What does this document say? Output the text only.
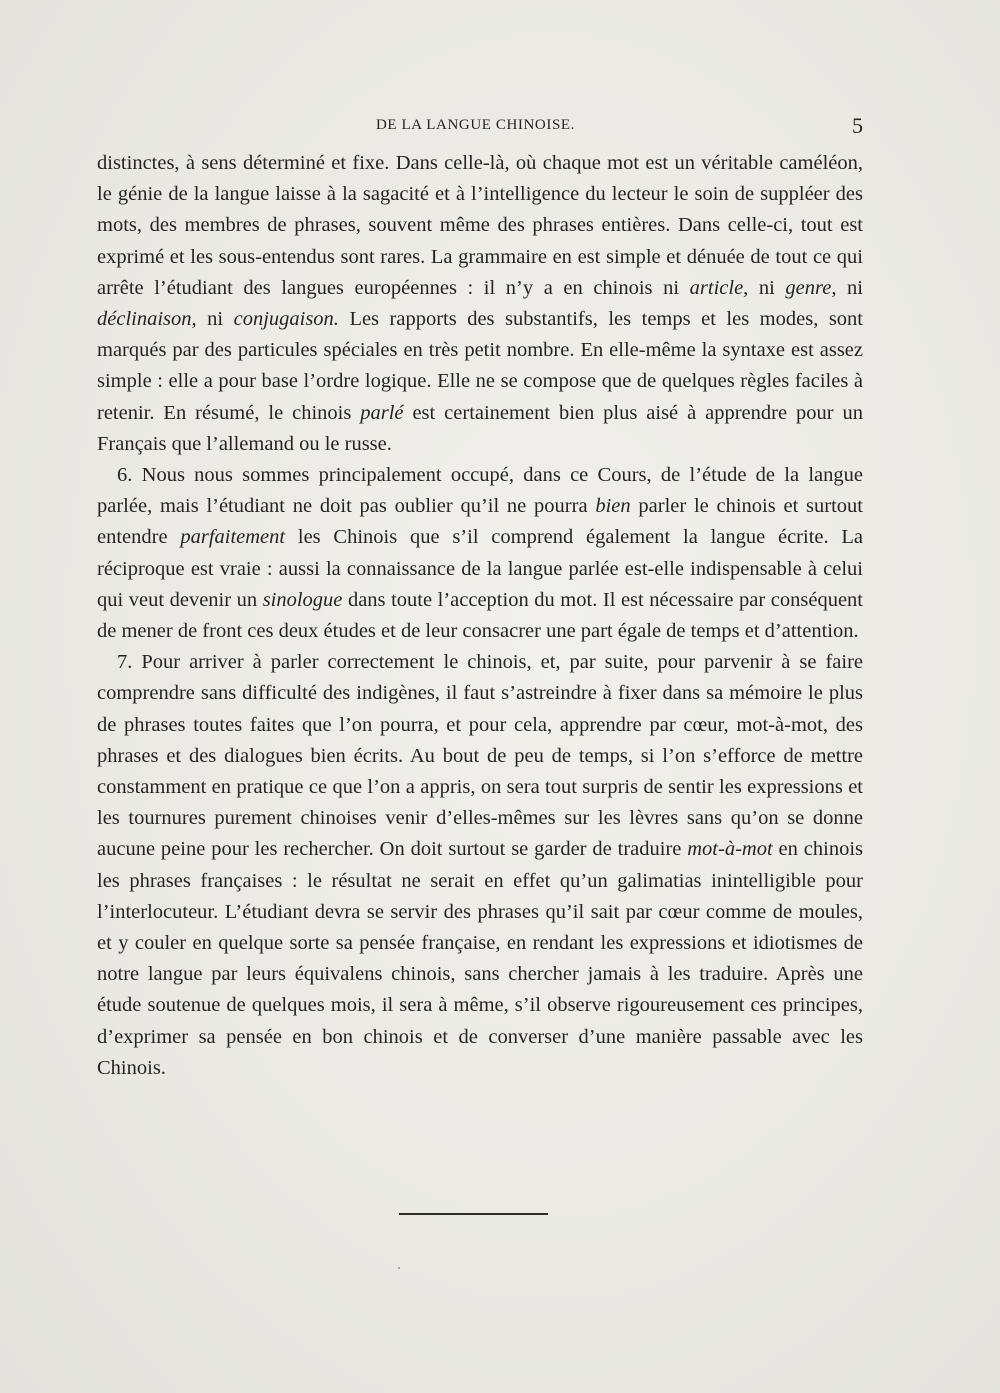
DE LA LANGUE CHINOISE.	5

distinctes, à sens déterminé et fixe. Dans celle-là, où chaque mot est un véritable caméléon, le génie de la langue laisse à la sagacité et à l’intelligence du lecteur le soin de suppléer des mots, des membres de phrases, souvent même des phrases entières. Dans celle-ci, tout est exprimé et les sous-entendus sont rares. La grammaire en est simple et dénuée de tout ce qui arrête l’étudiant des langues européennes : il n’y a en chinois ni article, ni genre, ni déclinaison, ni conjugaison. Les rapports des substantifs, les temps et les modes, sont marqués par des particules spéciales en très petit nombre. En elle-même la syntaxe est assez simple : elle a pour base l’ordre logique. Elle ne se compose que de quelques règles faciles à retenir. En résumé, le chinois parlé est certainement bien plus aisé à apprendre pour un Français que l’allemand ou le russe.

6. Nous nous sommes principalement occupé, dans ce Cours, de l’étude de la langue parlée, mais l’étudiant ne doit pas oublier qu’il ne pourra bien parler le chinois et surtout entendre parfaitement les Chinois que s’il comprend également la langue écrite. La réciproque est vraie : aussi la connaissance de la langue parlée est-elle indispensable à celui qui veut devenir un sinologue dans toute l’acception du mot. Il est nécessaire par conséquent de mener de front ces deux études et de leur consacrer une part égale de temps et d’attention.

7. Pour arriver à parler correctement le chinois, et, par suite, pour parvenir à se faire comprendre sans difficulté des indigènes, il faut s’astreindre à fixer dans sa mémoire le plus de phrases toutes faites que l’on pourra, et pour cela, apprendre par cœur, mot-à-mot, des phrases et des dialogues bien écrits. Au bout de peu de temps, si l’on s’efforce de mettre constamment en pratique ce que l’on a appris, on sera tout surpris de sentir les expressions et les tournures purement chinoises venir d’elles-mêmes sur les lèvres sans qu’on se donne aucune peine pour les rechercher. On doit surtout se garder de traduire mot-à-mot en chinois les phrases françaises : le résultat ne serait en effet qu’un galimatias inintelligible pour l’interlocuteur. L’étudiant devra se servir des phrases qu’il sait par cœur comme de moules, et y couler en quelque sorte sa pensée française, en rendant les expressions et idiotismes de notre langue par leurs équivalens chinois, sans chercher jamais à les traduire. Après une étude soutenue de quelques mois, il sera à même, s’il observe rigoureusement ces principes, d’exprimer sa pensée en bon chinois et de converser d’une manière passable avec les Chinois.
